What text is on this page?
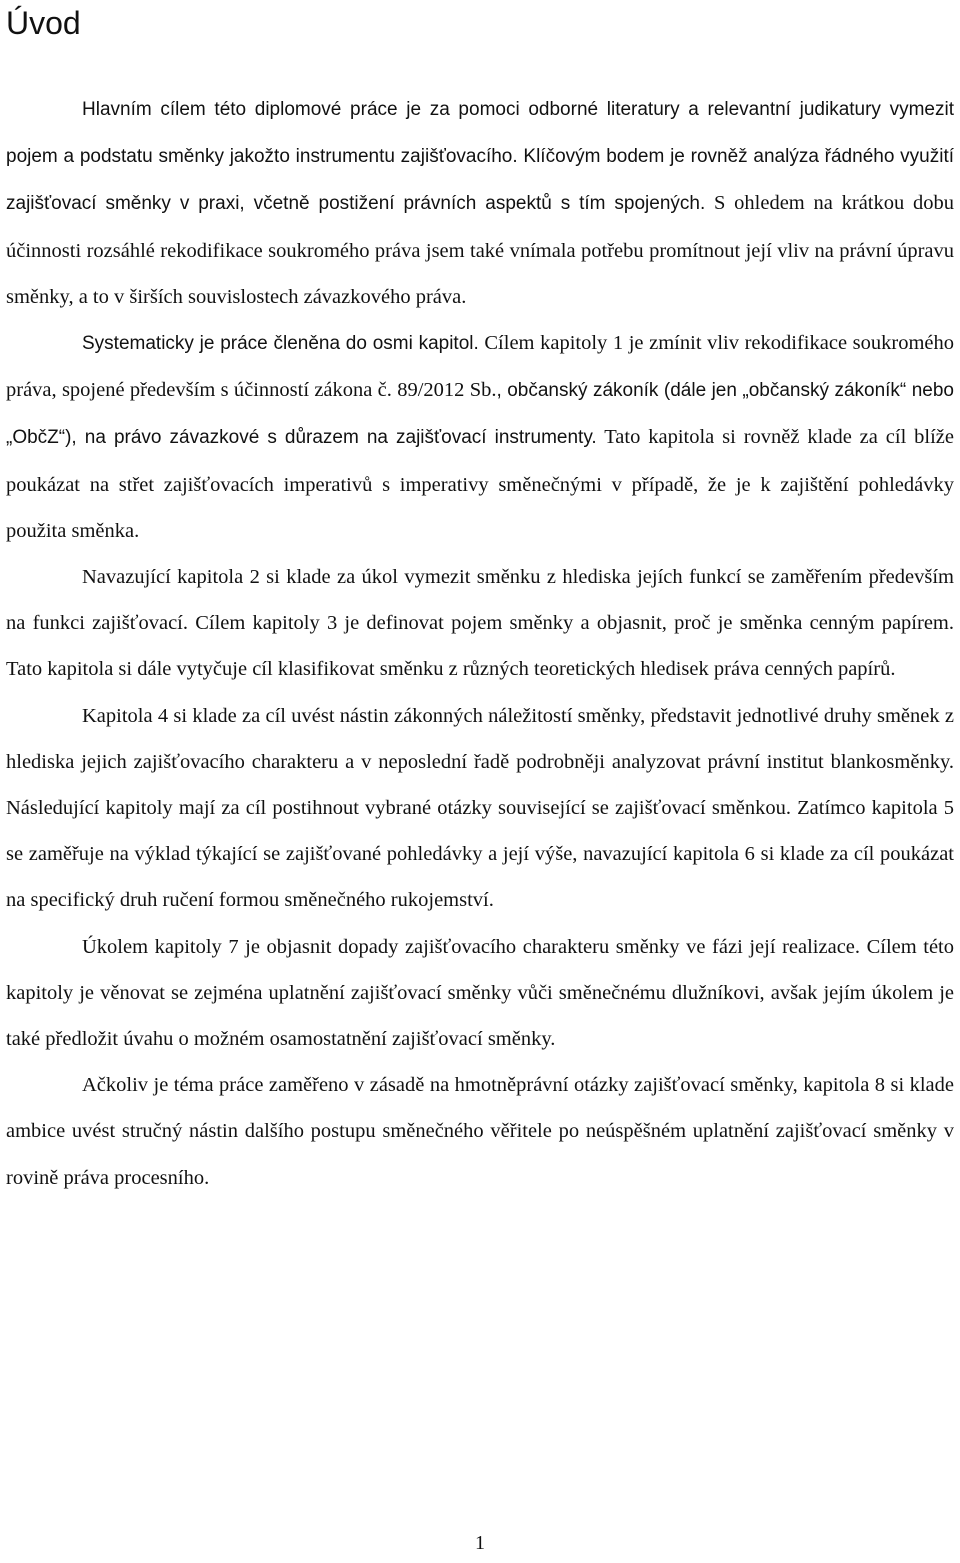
Úvod

Hlavním cílem této diplomové práce je za pomoci odborné literatury a relevantní judikatury vymezit pojem a podstatu směnky jakožto instrumentu zajišťovacího. Klíčovým bodem je rovněž analýza řádného využití zajišťovací směnky v praxi, včetně postižení právních aspektů s tím spojených. S ohledem na krátkou dobu účinnosti rozsáhlé rekodifikace soukromého práva jsem také vnímala potřebu promítnout její vliv na právní úpravu směnky, a to v širších souvislostech závazkového práva.

Systematicky je práce členěna do osmi kapitol. Cílem kapitoly 1 je zmínit vliv rekodifikace soukromého práva, spojené především s účinností zákona č. 89/2012 Sb., občanský zákoník (dále jen „občanský zákoník“ nebo „ObčZ“), na právo závazkové s důrazem na zajišťovací instrumenty. Tato kapitola si rovněž klade za cíl blíže poukázat na střet zajišťovacích imperativů s imperativy směnečnými v případě, že je k zajištění pohledávky použita směnka.

Navazující kapitola 2 si klade za úkol vymezit směnku z hlediska jejích funkcí se zaměřením především na funkci zajišťovací. Cílem kapitoly 3 je definovat pojem směnky a objasnit, proč je směnka cenným papírem. Tato kapitola si dále vytyčuje cíl klasifikovat směnku z různých teoretických hledisek práva cenných papírů.

Kapitola 4 si klade za cíl uvést nástin zákonných náležitostí směnky, představit jednotlivé druhy směnek z hlediska jejich zajišťovacího charakteru a v neposlední řadě podrobněji analyzovat právní institut blankosměnky. Následující kapitoly mají za cíl postihnout vybrané otázky související se zajišťovací směnkou. Zatímco kapitola 5 se zaměřuje na výklad týkající se zajišťované pohledávky a její výše, navazující kapitola 6 si klade za cíl poukázat na specifický druh ručení formou směnečného rukojemství.

Úkolem kapitoly 7 je objasnit dopady zajišťovacího charakteru směnky ve fázi její realizace. Cílem této kapitoly je věnovat se zejména uplatnění zajišťovací směnky vůči směnečnému dlužníkovi, avšak jejím úkolem je také předložit úvahu o možném osamostatnění zajišťovací směnky.

Ačkoliv je téma práce zaměřeno v zásadě na hmotněprávní otázky zajišťovací směnky, kapitola 8 si klade ambice uvést stručný nástin dalšího postupu směnečného věřitele po neúspěšném uplatnění zajišťovací směnky v rovině práva procesního.

1
